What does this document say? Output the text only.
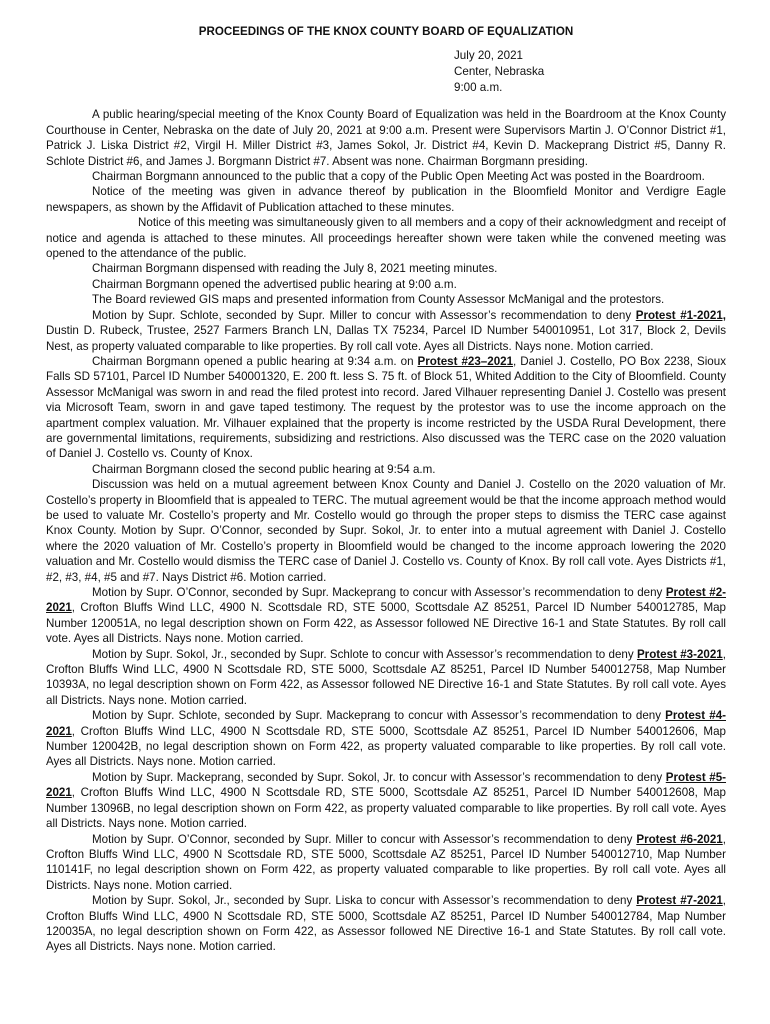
PROCEEDINGS OF THE KNOX COUNTY BOARD OF EQUALIZATION
July 20, 2021
Center, Nebraska
9:00 a.m.

A public hearing/special meeting of the Knox County Board of Equalization was held in the Boardroom at the Knox County Courthouse in Center, Nebraska on the date of July 20, 2021 at 9:00 a.m. Present were Supervisors Martin J. O’Connor District #1, Patrick J. Liska District #2, Virgil H. Miller District #3, James Sokol, Jr. District #4, Kevin D. Mackeprang District #5, Danny R. Schlote District #6, and James J. Borgmann District #7. Absent was none. Chairman Borgmann presiding.

Chairman Borgmann announced to the public that a copy of the Public Open Meeting Act was posted in the Boardroom.

Notice of the meeting was given in advance thereof by publication in the Bloomfield Monitor and Verdigre Eagle newspapers, as shown by the Affidavit of Publication attached to these minutes.

Notice of this meeting was simultaneously given to all members and a copy of their acknowledgment and receipt of notice and agenda is attached to these minutes. All proceedings hereafter shown were taken while the convened meeting was opened to the attendance of the public.

Chairman Borgmann dispensed with reading the July 8, 2021 meeting minutes.

Chairman Borgmann opened the advertised public hearing at 9:00 a.m.

The Board reviewed GIS maps and presented information from County Assessor McManigal and the protestors.

Motion by Supr. Schlote, seconded by Supr. Miller to concur with Assessor’s recommendation to deny Protest #1-2021, Dustin D. Rubeck, Trustee, 2527 Farmers Branch LN, Dallas TX 75234, Parcel ID Number 540010951, Lot 317, Block 2, Devils Nest, as property valuated comparable to like properties. By roll call vote. Ayes all Districts. Nays none. Motion carried.

Chairman Borgmann opened a public hearing at 9:34 a.m. on Protest #23–2021, Daniel J. Costello, PO Box 2238, Sioux Falls SD 57101, Parcel ID Number 540001320, E. 200 ft. less S. 75 ft. of Block 51, Whited Addition to the City of Bloomfield. County Assessor McManigal was sworn in and read the filed protest into record. Jared Vilhauer representing Daniel J. Costello was present via Microsoft Team, sworn in and gave taped testimony. The request by the protestor was to use the income approach on the apartment complex valuation. Mr. Vilhauer explained that the property is income restricted by the USDA Rural Development, there are governmental limitations, requirements, subsidizing and restrictions. Also discussed was the TERC case on the 2020 valuation of Daniel J. Costello vs. County of Knox.

Chairman Borgmann closed the second public hearing at 9:54 a.m.

Discussion was held on a mutual agreement between Knox County and Daniel J. Costello on the 2020 valuation of Mr. Costello’s property in Bloomfield that is appealed to TERC. The mutual agreement would be that the income approach method would be used to valuate Mr. Costello’s property and Mr. Costello would go through the proper steps to dismiss the TERC case against Knox County. Motion by Supr. O’Connor, seconded by Supr. Sokol, Jr. to enter into a mutual agreement with Daniel J. Costello where the 2020 valuation of Mr. Costello’s property in Bloomfield would be changed to the income approach lowering the 2020 valuation and Mr. Costello would dismiss the TERC case of Daniel J. Costello vs. County of Knox. By roll call vote. Ayes Districts #1, #2, #3, #4, #5 and #7. Nays District #6. Motion carried.

Motion by Supr. O’Connor, seconded by Supr. Mackeprang to concur with Assessor’s recommendation to deny Protest #2-2021, Crofton Bluffs Wind LLC, 4900 N. Scottsdale RD, STE 5000, Scottsdale AZ 85251, Parcel ID Number 540012785, Map Number 120051A, no legal description shown on Form 422, as Assessor followed NE Directive 16-1 and State Statutes. By roll call vote. Ayes all Districts. Nays none. Motion carried.

Motion by Supr. Sokol, Jr., seconded by Supr. Schlote to concur with Assessor’s recommendation to deny Protest #3-2021, Crofton Bluffs Wind LLC, 4900 N Scottsdale RD, STE 5000, Scottsdale AZ 85251, Parcel ID Number 540012758, Map Number 10393A, no legal description shown on Form 422, as Assessor followed NE Directive 16-1 and State Statutes. By roll call vote. Ayes all Districts. Nays none. Motion carried.

Motion by Supr. Schlote, seconded by Supr. Mackeprang to concur with Assessor’s recommendation to deny Protest #4-2021, Crofton Bluffs Wind LLC, 4900 N Scottsdale RD, STE 5000, Scottsdale AZ 85251, Parcel ID Number 540012606, Map Number 120042B, no legal description shown on Form 422, as property valuated comparable to like properties. By roll call vote. Ayes all Districts. Nays none. Motion carried.

Motion by Supr. Mackeprang, seconded by Supr. Sokol, Jr. to concur with Assessor’s recommendation to deny Protest #5-2021, Crofton Bluffs Wind LLC, 4900 N Scottsdale RD, STE 5000, Scottsdale AZ 85251, Parcel ID Number 540012608, Map Number 13096B, no legal description shown on Form 422, as property valuated comparable to like properties. By roll call vote. Ayes all Districts. Nays none. Motion carried.

Motion by Supr. O’Connor, seconded by Supr. Miller to concur with Assessor’s recommendation to deny Protest #6-2021, Crofton Bluffs Wind LLC, 4900 N Scottsdale RD, STE 5000, Scottsdale AZ 85251, Parcel ID Number 540012710, Map Number 110141F, no legal description shown on Form 422, as property valuated comparable to like properties. By roll call vote. Ayes all Districts. Nays none. Motion carried.

Motion by Supr. Sokol, Jr., seconded by Supr. Liska to concur with Assessor’s recommendation to deny Protest #7-2021, Crofton Bluffs Wind LLC, 4900 N Scottsdale RD, STE 5000, Scottsdale AZ 85251, Parcel ID Number 540012784, Map Number 120035A, no legal description shown on Form 422, as Assessor followed NE Directive 16-1 and State Statutes. By roll call vote. Ayes all Districts. Nays none. Motion carried.
